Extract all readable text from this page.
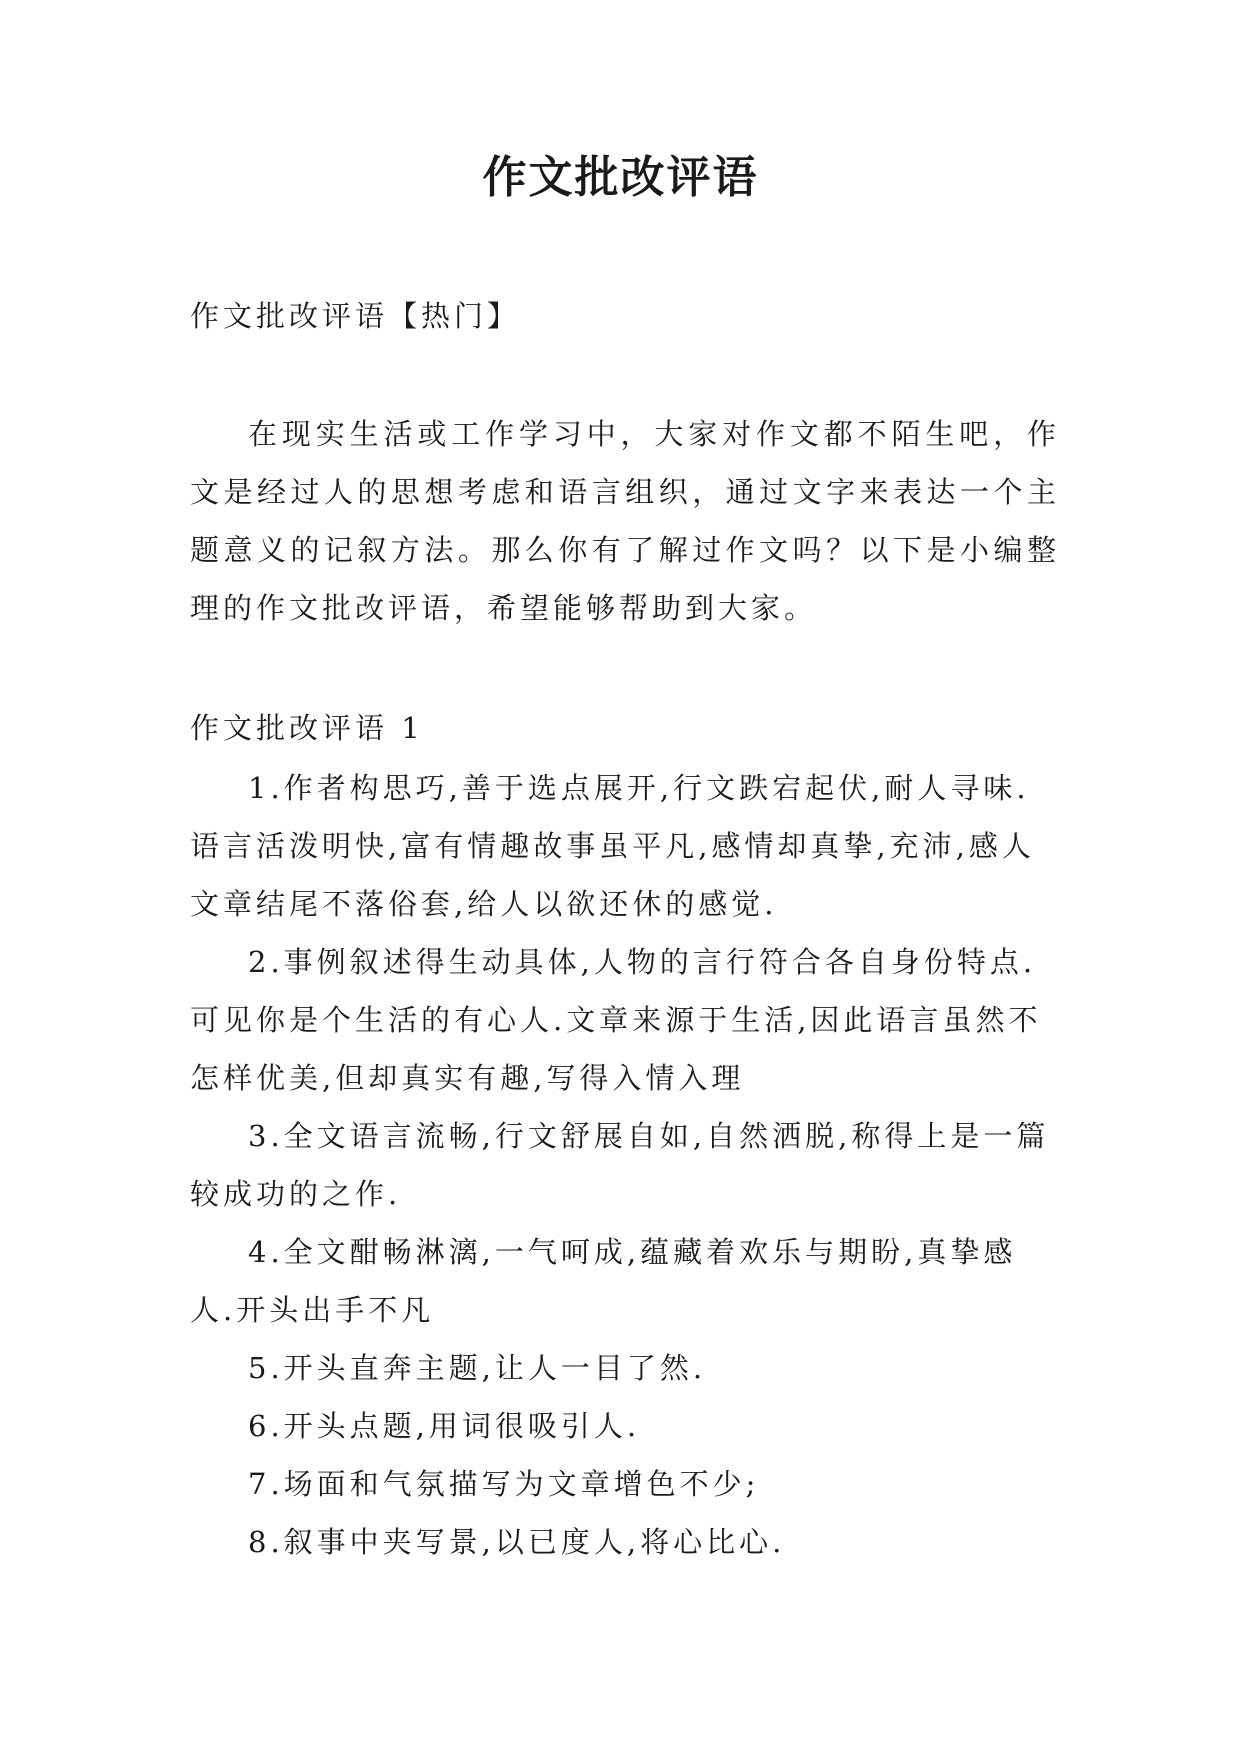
作文批改评语

作文批改评语【热门】

在现实生活或工作学习中，大家对作文都不陌生吧，作文是经过人的思想考虑和语言组织，通过文字来表达一个主题意义的记叙方法。那么你有了解过作文吗？以下是小编整理的作文批改评语，希望能够帮助到大家。

作文批改评语 1

1.作者构思巧,善于选点展开,行文跌宕起伏,耐人寻味.语言活泼明快,富有情趣故事虽平凡,感情却真挚,充沛,感人文章结尾不落俗套,给人以欲还休的感觉.
2.事例叙述得生动具体,人物的言行符合各自身份特点.可见你是个生活的有心人.文章来源于生活,因此语言虽然不怎样优美,但却真实有趣,写得入情入理
3.全文语言流畅,行文舒展自如,自然洒脱,称得上是一篇较成功的之作.
4.全文酣畅淋漓,一气呵成,蕴藏着欢乐与期盼,真挚感人.开头出手不凡
5.开头直奔主题,让人一目了然.
6.开头点题,用词很吸引人.
7.场面和气氛描写为文章增色不少;
8.叙事中夹写景,以已度人,将心比心.
